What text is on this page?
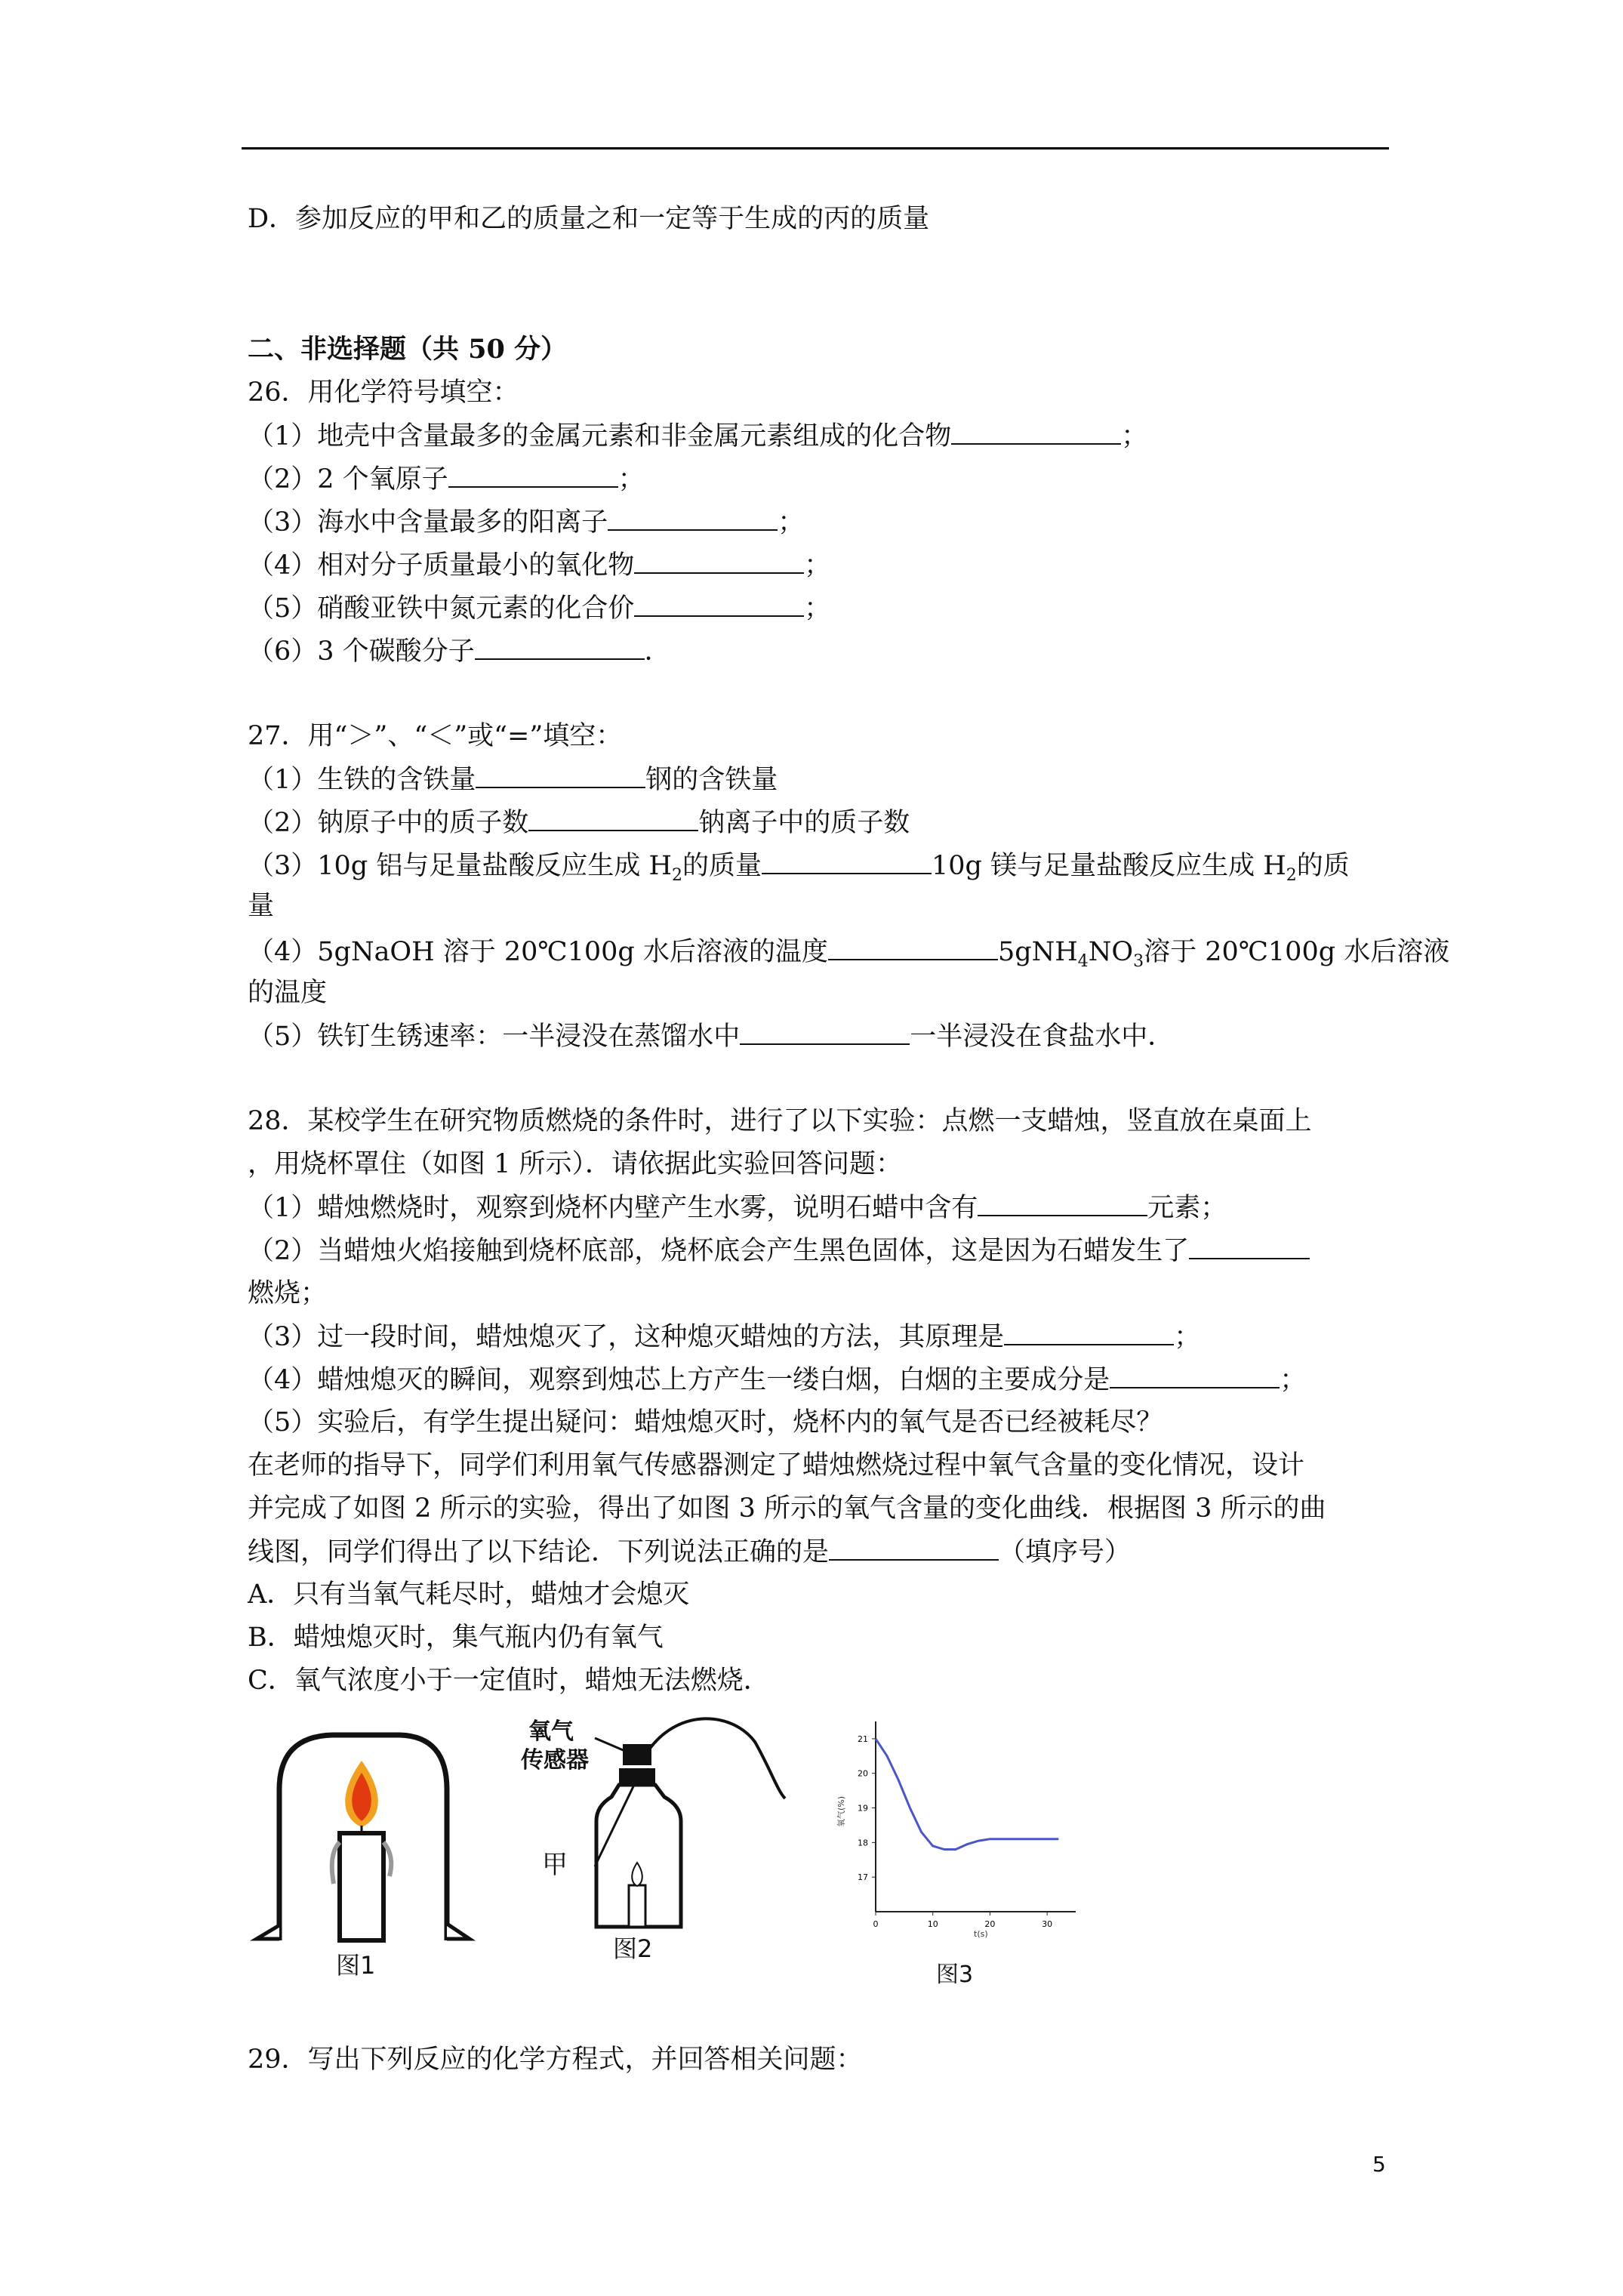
D．参加反应的甲和乙的质量之和一定等于生成的丙的质量
二、非选择题（共 50 分）
26．用化学符号填空：
（1）地壳中含量最多的金属元素和非金属元素组成的化合物	；
（2）2 个氧原子	；
（3）海水中含量最多的阳离子	；
（4）相对分子质量最小的氧化物	；
（5）硝酸亚铁中氮元素的化合价	；
（6）3 个碳酸分子	．
27．用“＞”、“＜”或“=”填空：
（1）生铁的含铁量	钢的含铁量
（2）钠原子中的质子数	钠离子中的质子数
（3）10g 铝与足量盐酸反应生成 $H_2$的质量	10g 镁与足量盐酸反应生成 $H_2$的质
量
（4）5gNaOH 溶于 20℃100g 水后溶液的温度	$5gNH_4NO_3$溶于 20℃100g 水后溶液
的温度
（5）铁钉生锈速率：一半浸没在蒸馏水中	一半浸没在食盐水中．
28．某校学生在研究物质燃烧的条件时，进行了以下实验：点燃一支蜡烛，竖直放在桌面上
，用烧杯罩住（如图 1 所示）．请依据此实验回答问题：
（1）蜡烛燃烧时，观察到烧杯内壁产生水雾，说明石蜡中含有	元素；
（2）当蜡烛火焰接触到烧杯底部，烧杯底会产生黑色固体，这是因为石蜡发生了
燃烧；
（3）过一段时间，蜡烛熄灭了，这种熄灭蜡烛的方法，其原理是	；
（4）蜡烛熄灭的瞬间，观察到烛芯上方产生一缕白烟，白烟的主要成分是	；
（5）实验后，有学生提出疑问：蜡烛熄灭时，烧杯内的氧气是否已经被耗尽？
在老师的指导下，同学们利用氧气传感器测定了蜡烛燃烧过程中氧气含量的变化情况，设计
并完成了如图 2 所示的实验，得出了如图 3 所示的氧气含量的变化曲线．根据图 3 所示的曲
线图，同学们得出了以下结论．下列说法正确的是	（填序号）
A．只有当氧气耗尽时，蜡烛才会熄灭
B．蜡烛熄灭时，集气瓶内仍有氧气
C．氧气浓度小于一定值时，蜡烛无法燃烧．
图1
氧气
传感器
甲
图2
21
20
19
18
17
0	10	20	30
氧气(%)
t(s)
图3
29．写出下列反应的化学方程式，并回答相关问题：
5
